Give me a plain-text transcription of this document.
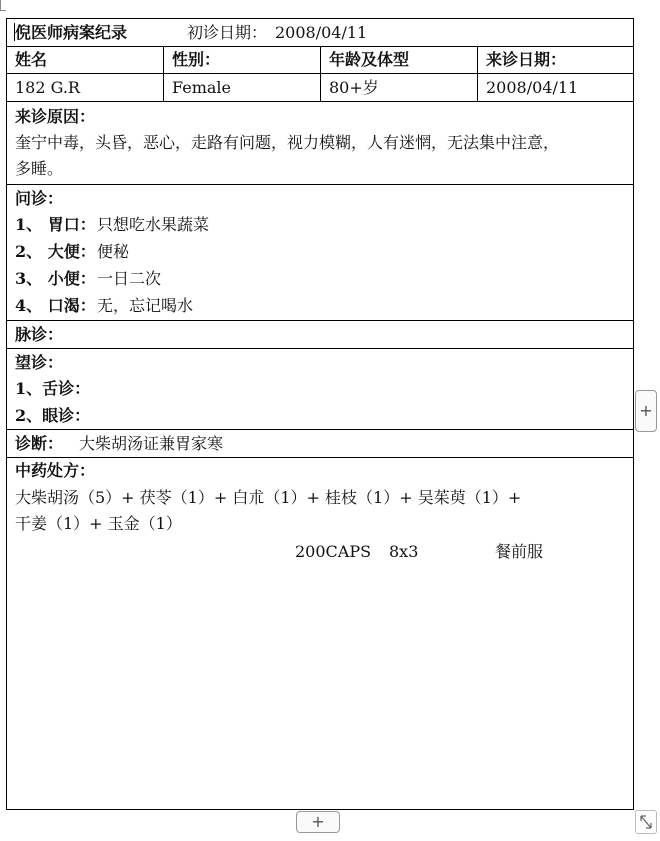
倪医师病案纪录	初诊日期： 2008/04/11
姓名	性别：	年龄及体型	来诊日期：
182 G.R	Female	80+岁	2008/04/11
来诊原因：
奎宁中毒，头昏，恶心，走路有问题，视力模糊，人有迷惘，无法集中注意，
多睡。
问诊：
1、 胃口： 只想吃水果蔬菜
2、 大便： 便秘
3、 小便： 一日二次
4、 口渴： 无，忘记喝水
脉诊：
望诊：
1、舌诊：
2、眼诊：
诊断： 大柴胡汤证兼胃家寒
中药处方：
大柴胡汤（5）+ 茯苓（1）+ 白朮（1）+ 桂枝（1）+ 吴茱萸（1）+
干姜（1）+ 玉金（1）
200CAPS 8x3	餐前服
+
+
